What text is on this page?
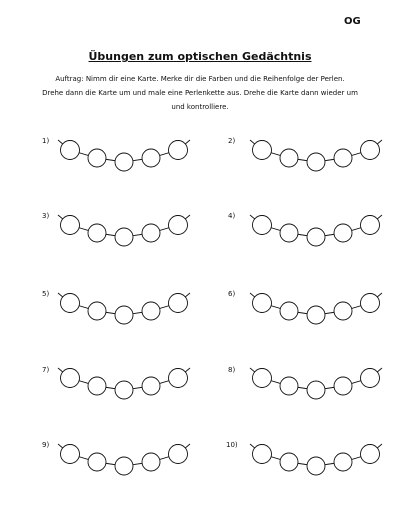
OG
Übungen zum optischen Gedächtnis
Auftrag: Nimm dir eine Karte. Merke dir die Farben und die Reihenfolge der Perlen.
Drehe dann die Karte um und male eine Perlenkette aus. Drehe die Karte dann wieder um
und kontrolliere.
1)	2)
3)	4)
5)	6)
7)	8)
9)	10)
